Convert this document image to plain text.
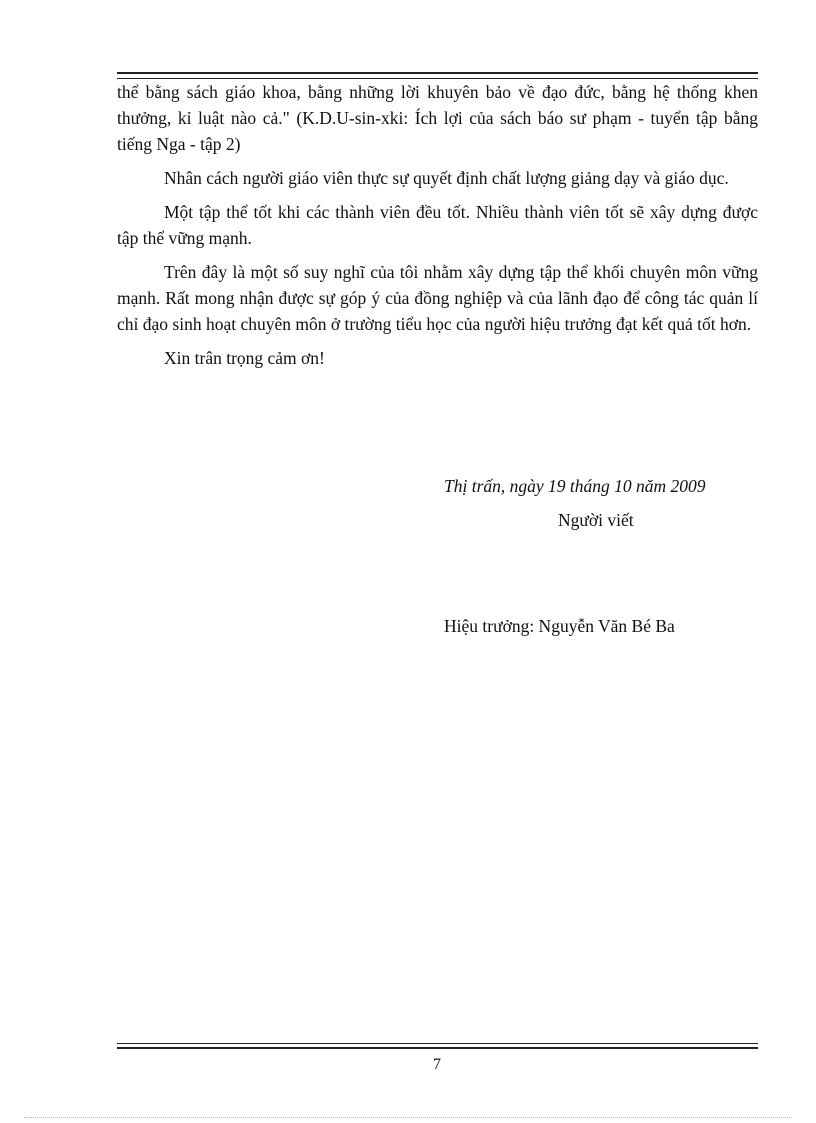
thể bằng sách giáo khoa, bằng những lời khuyên bảo về đạo đức, bằng hệ thống khen thưởng, kỉ luật nào cả." (K.D.U-sin-xki: Ích lợi của sách báo sư phạm - tuyển tập bằng tiếng Nga - tập 2)

Nhân cách người giáo viên thực sự quyết định chất lượng giảng dạy và giáo dục.

Một tập thể tốt khi các thành viên đều tốt. Nhiều thành viên tốt sẽ xây dựng được tập thể vững mạnh.

Trên đây là một số suy nghĩ của tôi nhằm xây dựng tập thể khối chuyên môn vững mạnh. Rất mong nhận được sự góp ý của đồng nghiệp và của lãnh đạo để công tác quản lí chỉ đạo sinh hoạt chuyên môn ở trường tiểu học của người hiệu trưởng đạt kết quả tốt hơn.

Xin trân trọng cảm ơn!

Thị trấn, ngày 19 tháng 10 năm 2009
Người viết
Hiệu trưởng: Nguyễn Văn Bé Ba
7
